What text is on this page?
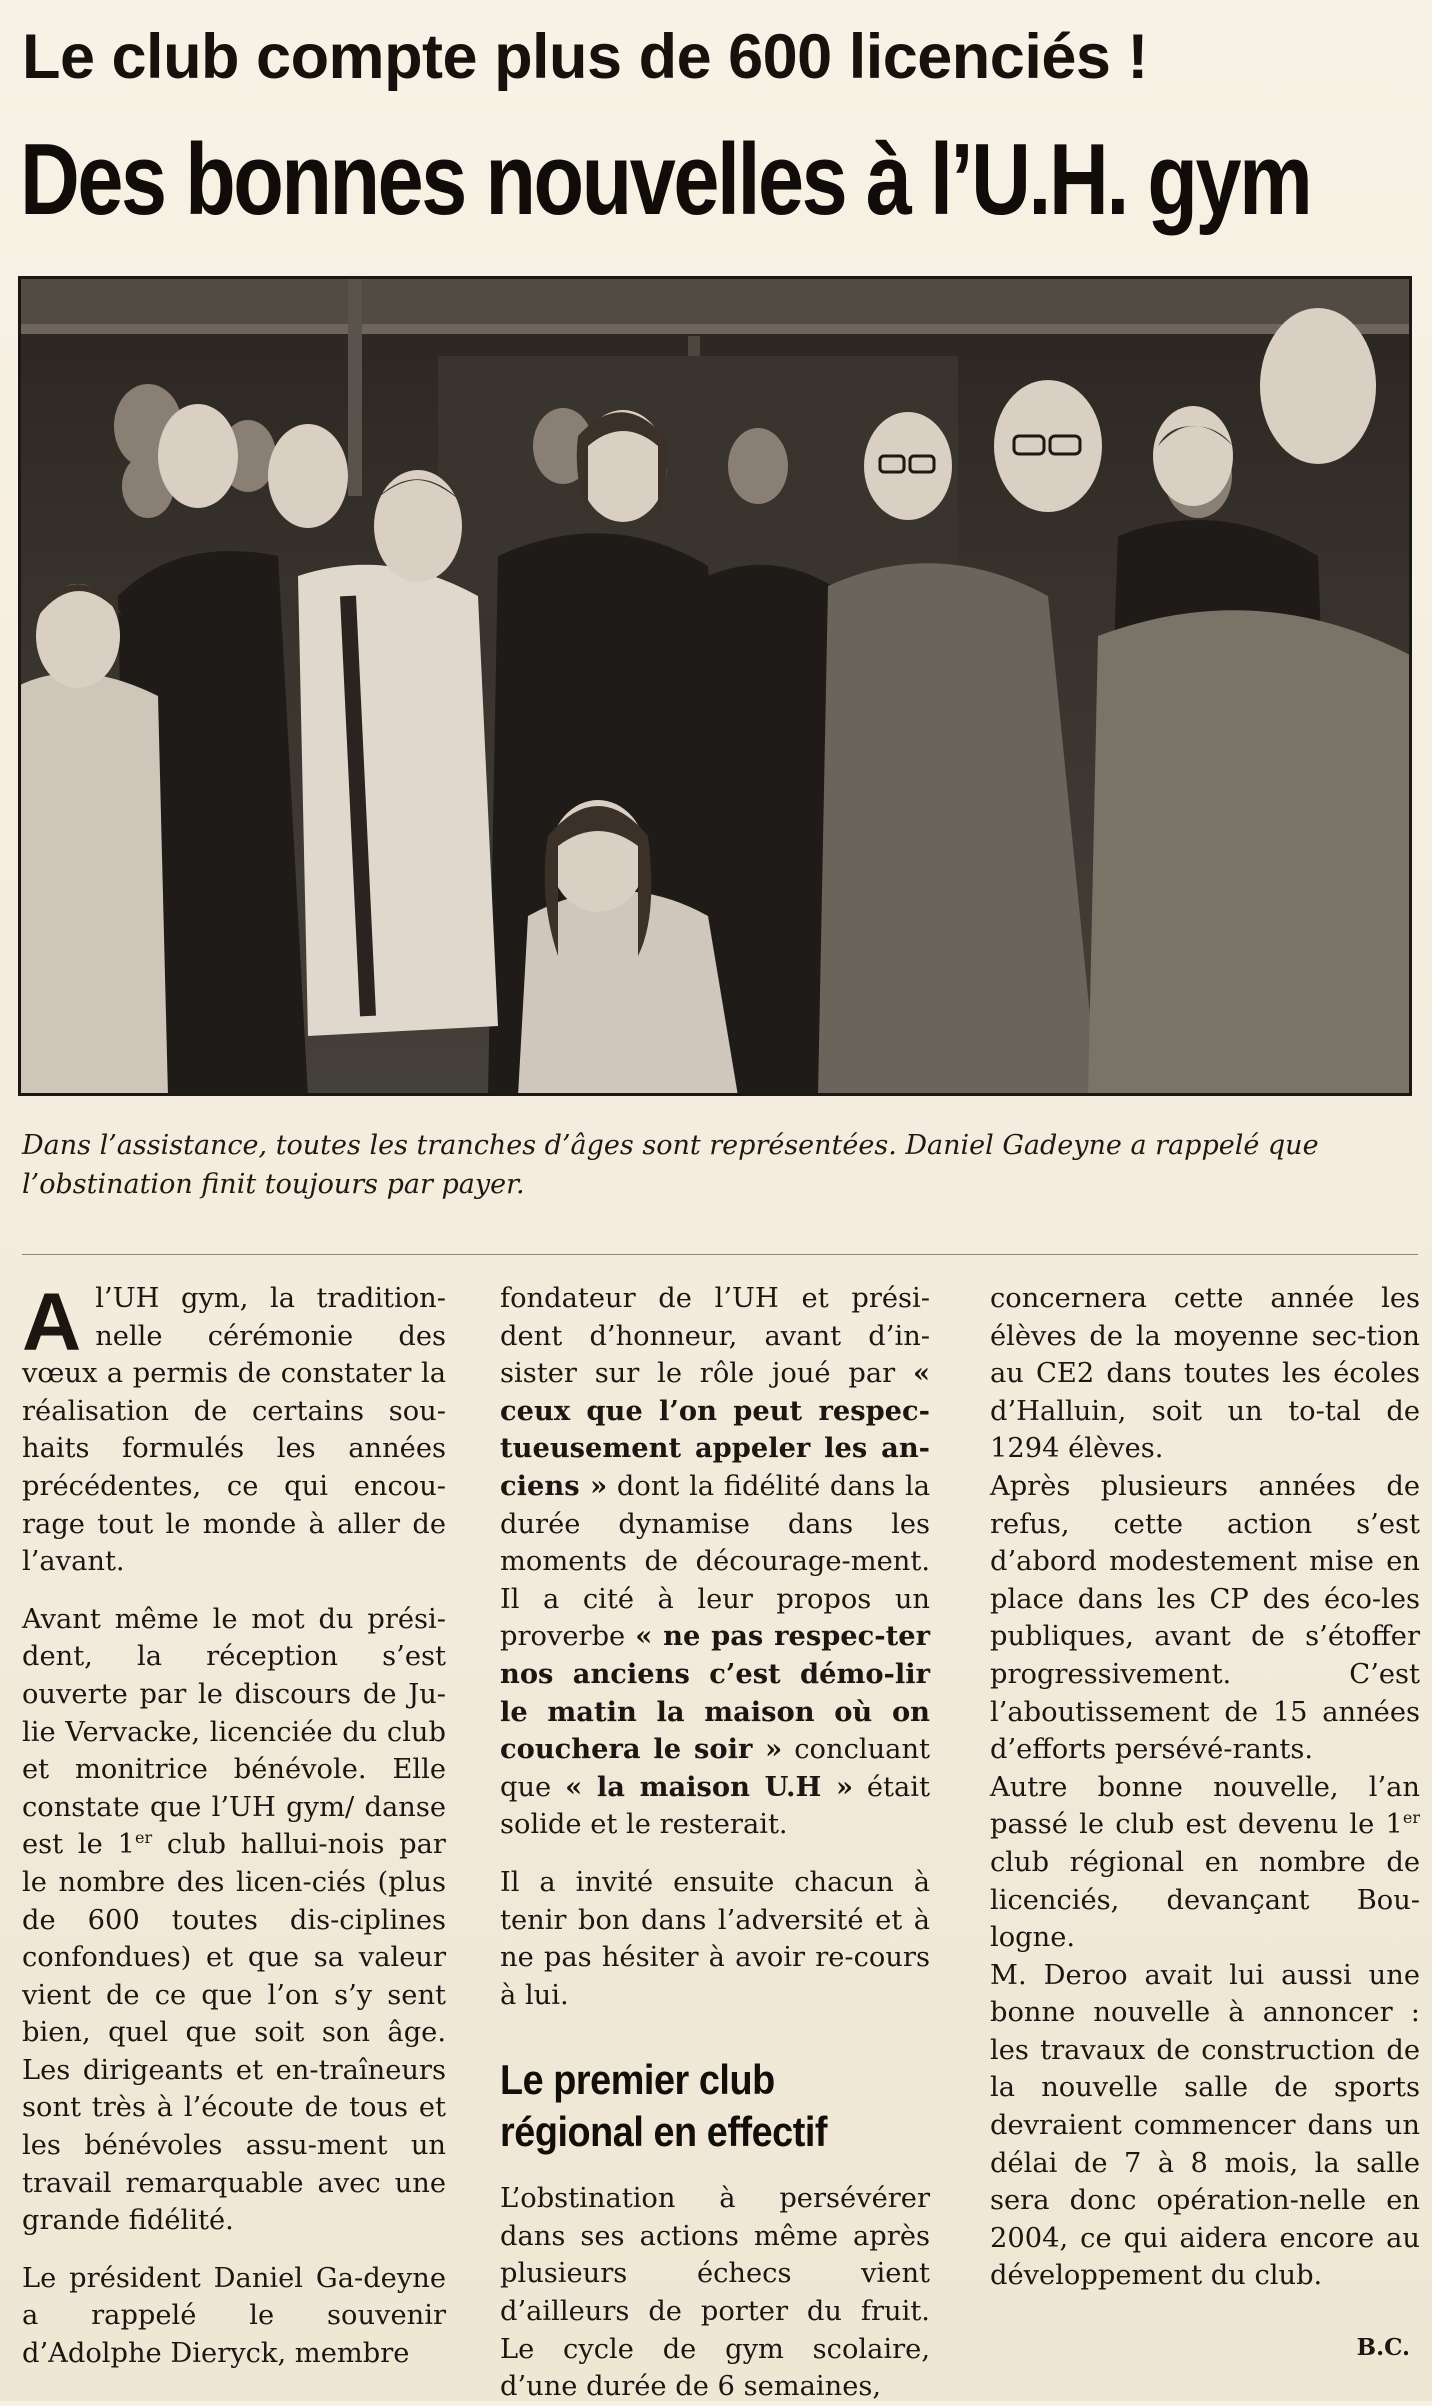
Le club compte plus de 600 licenciés !
Des bonnes nouvelles à l’U.H. gym
Dans l’assistance, toutes les tranches d’âges sont représentées. Daniel Gadeyne a rappelé que l’obstination finit toujours par payer.

Al’UH gym, la tradition-nelle cérémonie des vœux a permis de constater la réalisation de certains sou-haits formulés les années précédentes, ce qui encou-rage tout le monde à aller de l’avant.

Avant même le mot du prési-dent, la réception s’est ouverte par le discours de Ju-lie Vervacke, licenciée du club et monitrice bénévole. Elle constate que l’UH gym/ danse est le 1er club hallui-nois par le nombre des licen-ciés (plus de 600 toutes dis-ciplines confondues) et que sa valeur vient de ce que l’on s’y sent bien, quel que soit son âge. Les dirigeants et en-traîneurs sont très à l’écoute de tous et les bénévoles assu-ment un travail remarquable avec une grande fidélité.

Le président Daniel Ga-deyne a rappelé le souvenir d’Adolphe Dieryck, membre

fondateur de l’UH et prési-dent d’honneur, avant d’in-sister sur le rôle joué par « ceux que l’on peut respec-tueusement appeler les an-ciens » dont la fidélité dans la durée dynamise dans les moments de décourage-ment. Il a cité à leur propos un proverbe « ne pas respec-ter nos anciens c’est démo-lir le matin la maison où on couchera le soir » concluant que « la maison U.H » était solide et le resterait.

Il a invité ensuite chacun à tenir bon dans l’adversité et à ne pas hésiter à avoir re-cours à lui.

Le premier club
régional en effectif

L’obstination à persévérer dans ses actions même après plusieurs échecs vient d’ailleurs de porter du fruit. Le cycle de gym scolaire, d’une durée de 6 semaines,

concernera cette année les élèves de la moyenne sec-tion au CE2 dans toutes les écoles d’Halluin, soit un to-tal de 1294 élèves.

Après plusieurs années de refus, cette action s’est d’abord modestement mise en place dans les CP des éco-les publiques, avant de s’étoffer progressivement. C’est l’aboutissement de 15 années d’efforts persévé-rants.

Autre bonne nouvelle, l’an passé le club est devenu le 1er club régional en nombre de licenciés, devançant Bou-logne.

M. Deroo avait lui aussi une bonne nouvelle à annoncer : les travaux de construction de la nouvelle salle de sports devraient commencer dans un délai de 7 à 8 mois, la salle sera donc opération-nelle en 2004, ce qui aidera encore au développement du club.

B.C.
